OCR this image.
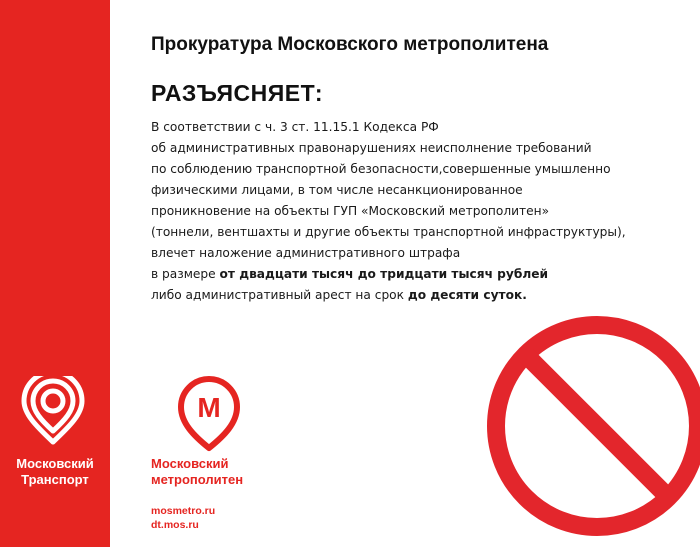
Московский
Транспорт
Прокуратура Московского метрополитена
РАЗЪЯСНЯЕТ:
В соответствии с ч. 3 ст. 11.15.1 Кодекса РФ
об административных правонарушениях неисполнение требований
по соблюдению транспортной безопасности,совершенные умышленно
физическими лицами, в том числе несанкционированное
проникновение на объекты ГУП «Московский метрополитен»
(тоннели, вентшахты и другие объекты транспортной инфраструктуры),
влечет наложение административного штрафа
в размере от двадцати тысяч до тридцати тысяч рублей
либо административный арест на срок до десяти суток.
М
Московский
метрополитен
mosmetro.ru
dt.mos.ru
